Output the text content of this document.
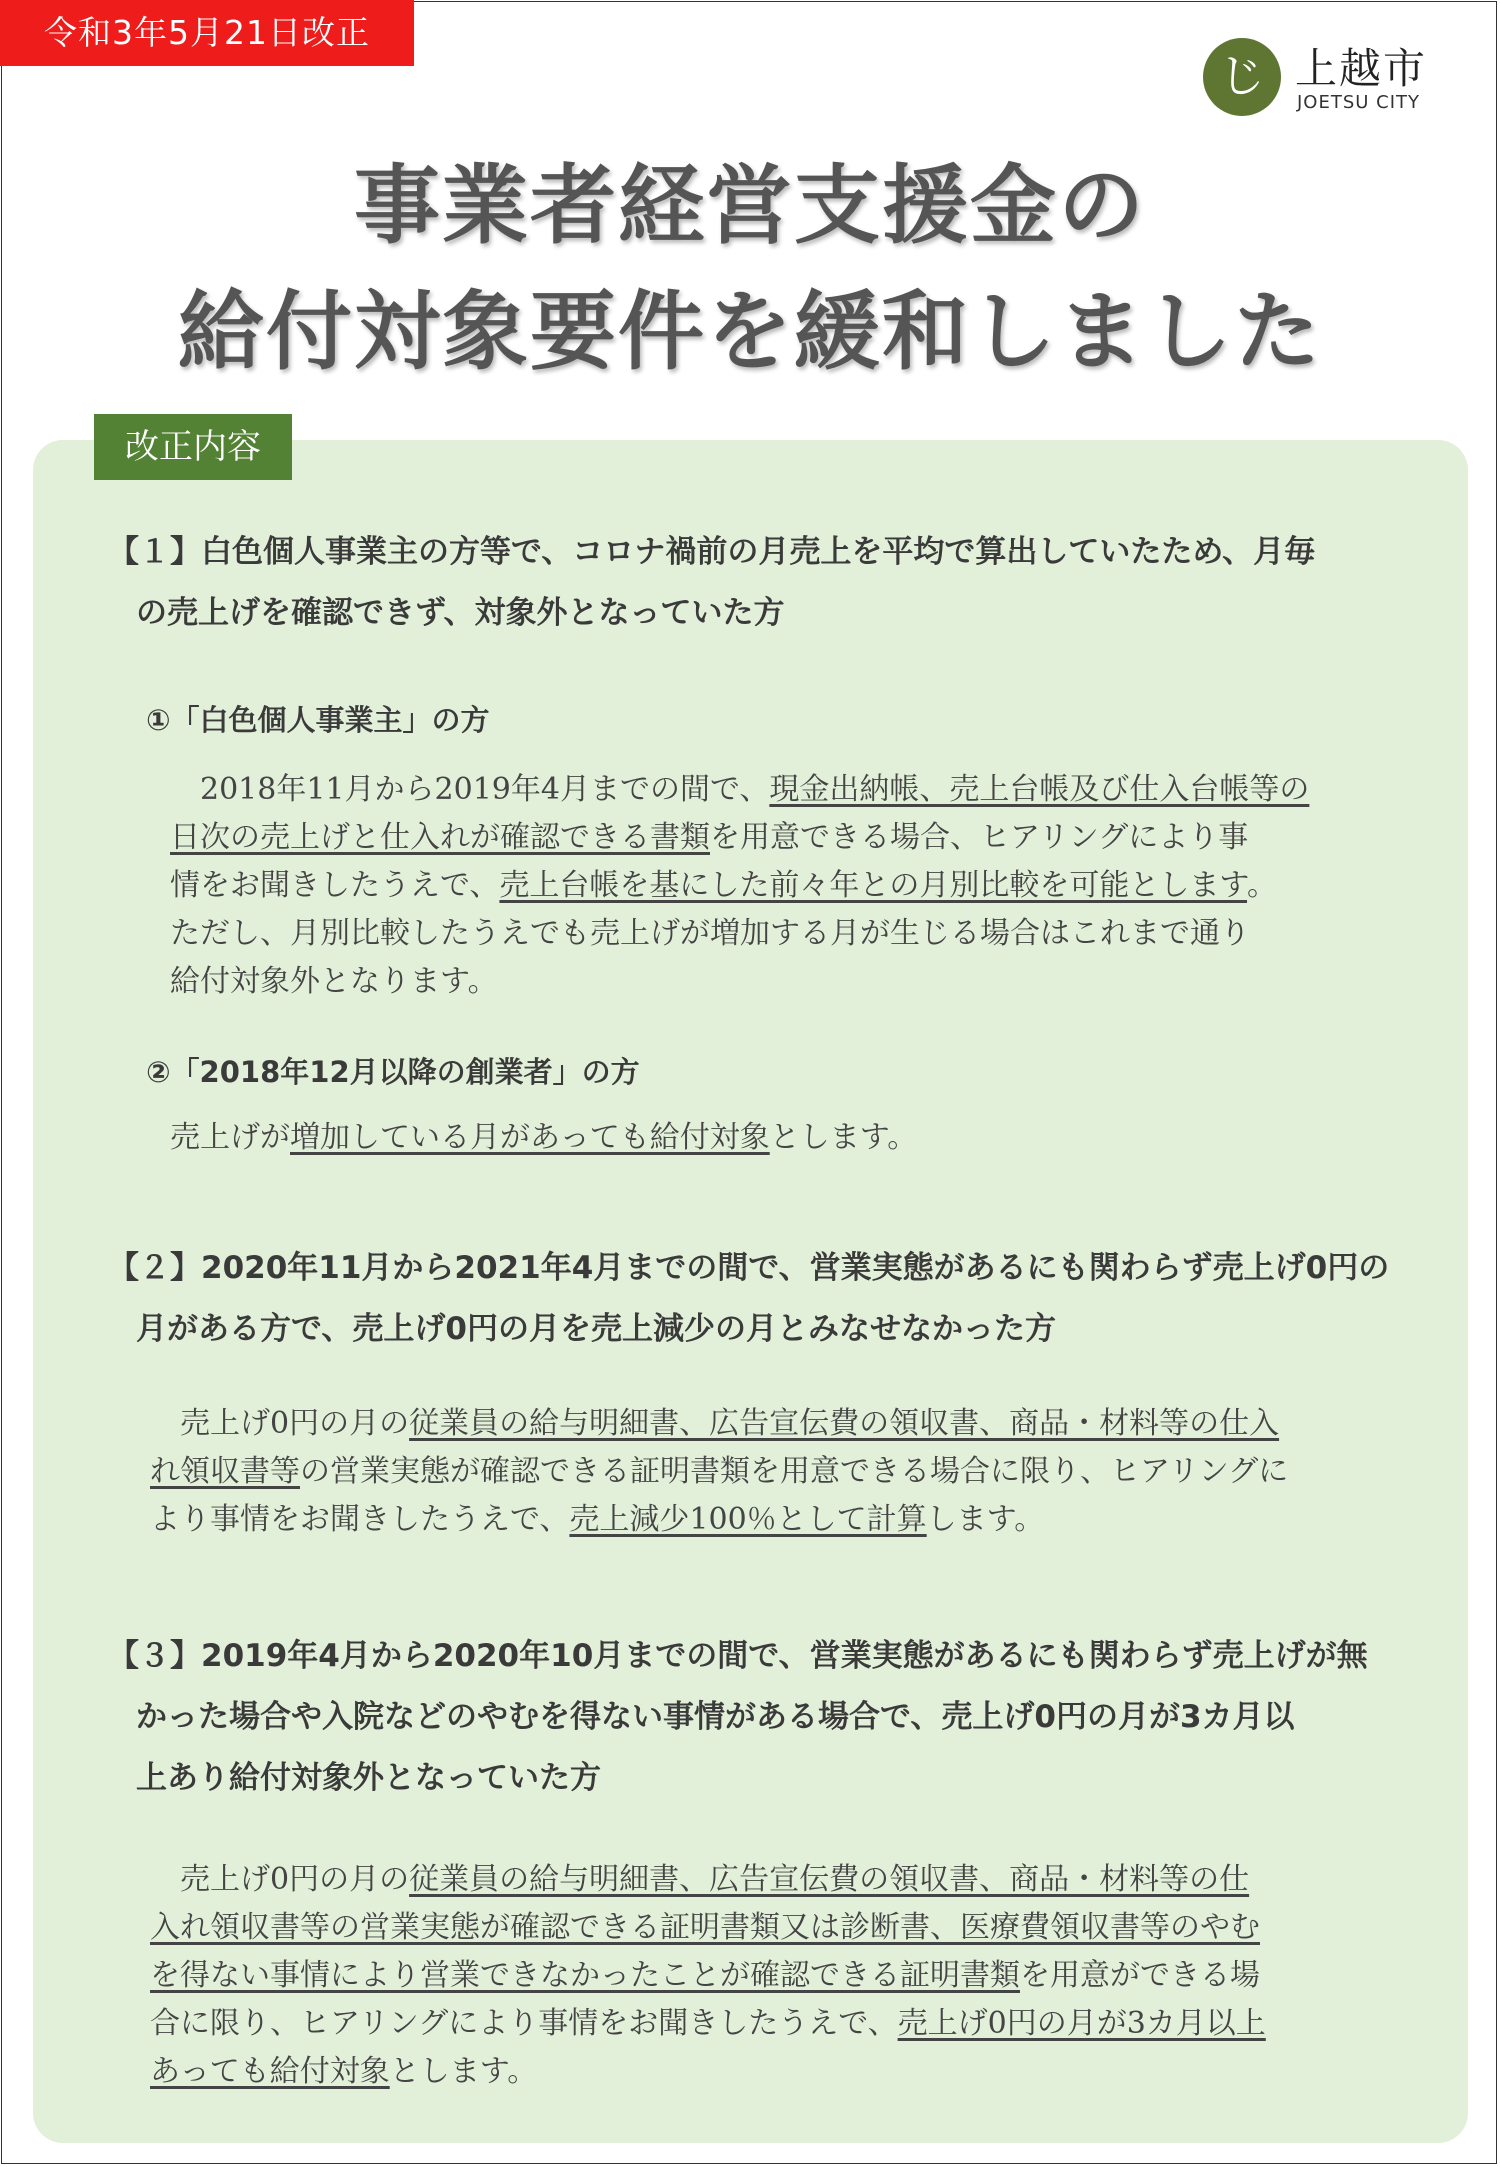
令和3年5月21日改正
じ 上越市
JOETSU CITY
事業者経営支援金の
給付対象要件を緩和しました
改正内容
【１】白色個人事業主の方等で、コロナ禍前の月売上を平均で算出していたため、月毎
の売上げを確認できず、対象外となっていた方
①「白色個人事業主」の方
　2018年11月から2019年4月までの間で、現金出納帳、売上台帳及び仕入台帳等の
日次の売上げと仕入れが確認できる書類を用意できる場合、ヒアリングにより事
情をお聞きしたうえで、売上台帳を基にした前々年との月別比較を可能とします。
ただし、月別比較したうえでも売上げが増加する月が生じる場合はこれまで通り
給付対象外となります。
②「2018年12月以降の創業者」の方
売上げが増加している月があっても給付対象とします。
【２】2020年11月から2021年4月までの間で、営業実態があるにも関わらず売上げ0円の
月がある方で、売上げ0円の月を売上減少の月とみなせなかった方
　売上げ0円の月の従業員の給与明細書、広告宣伝費の領収書、商品・材料等の仕入
れ領収書等の営業実態が確認できる証明書類を用意できる場合に限り、ヒアリングに
より事情をお聞きしたうえで、売上減少100％として計算します。
【３】2019年4月から2020年10月までの間で、営業実態があるにも関わらず売上げが無
かった場合や入院などのやむを得ない事情がある場合で、売上げ0円の月が3カ月以
上あり給付対象外となっていた方
　売上げ0円の月の従業員の給与明細書、広告宣伝費の領収書、商品・材料等の仕
入れ領収書等の営業実態が確認できる証明書類又は診断書、医療費領収書等のやむ
を得ない事情により営業できなかったことが確認できる証明書類を用意ができる場
合に限り、ヒアリングにより事情をお聞きしたうえで、売上げ0円の月が3カ月以上
あっても給付対象とします。
